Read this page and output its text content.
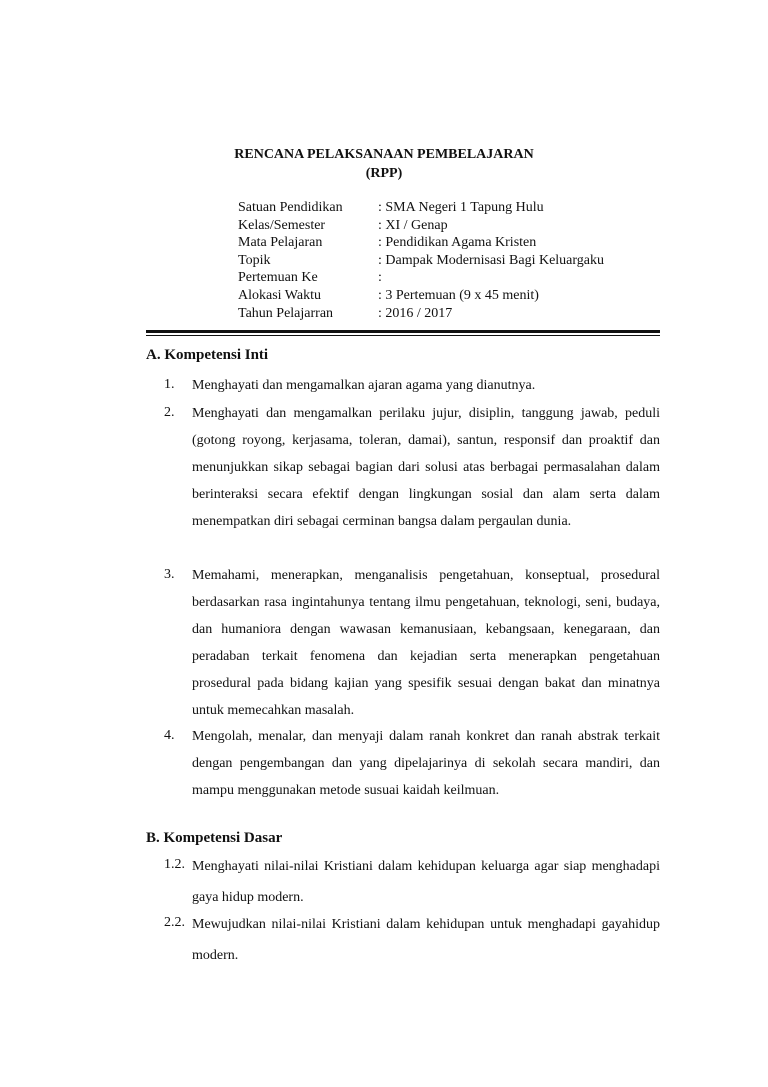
RENCANA PELAKSANAAN PEMBELAJARAN
(RPP)
Satuan Pendidikan	: SMA Negeri 1 Tapung Hulu
Kelas/Semester	: XI / Genap
Mata Pelajaran	: Pendidikan Agama Kristen
Topik	: Dampak Modernisasi Bagi Keluargaku
Pertemuan Ke	:
Alokasi Waktu	: 3 Pertemuan (9 x 45 menit)
Tahun Pelajarran	: 2016 / 2017
A. Kompetensi Inti
1. Menghayati dan mengamalkan ajaran agama yang dianutnya.
2. Menghayati dan mengamalkan perilaku jujur, disiplin, tanggung jawab, peduli (gotong royong, kerjasama, toleran, damai), santun, responsif dan proaktif dan menunjukkan sikap sebagai bagian dari solusi atas berbagai permasalahan dalam berinteraksi secara efektif dengan lingkungan sosial dan alam serta dalam menempatkan diri sebagai cerminan bangsa dalam pergaulan dunia.
3. Memahami, menerapkan, menganalisis pengetahuan, konseptual, prosedural berdasarkan rasa ingintahunya tentang ilmu pengetahuan, teknologi, seni, budaya, dan humaniora dengan wawasan kemanusiaan, kebangsaan, kenegaraan, dan peradaban terkait fenomena dan kejadian serta menerapkan pengetahuan prosedural pada bidang kajian yang spesifik sesuai dengan bakat dan minatnya untuk memecahkan masalah.
4. Mengolah, menalar, dan menyaji dalam ranah konkret dan ranah abstrak terkait dengan pengembangan dan yang dipelajarinya di sekolah secara mandiri, dan mampu menggunakan metode susuai kaidah keilmuan.
B. Kompetensi Dasar
1.2. Menghayati nilai-nilai Kristiani dalam kehidupan keluarga agar siap menghadapi gaya hidup modern.
2.2. Mewujudkan nilai-nilai Kristiani dalam kehidupan untuk menghadapi gayahidup modern.
